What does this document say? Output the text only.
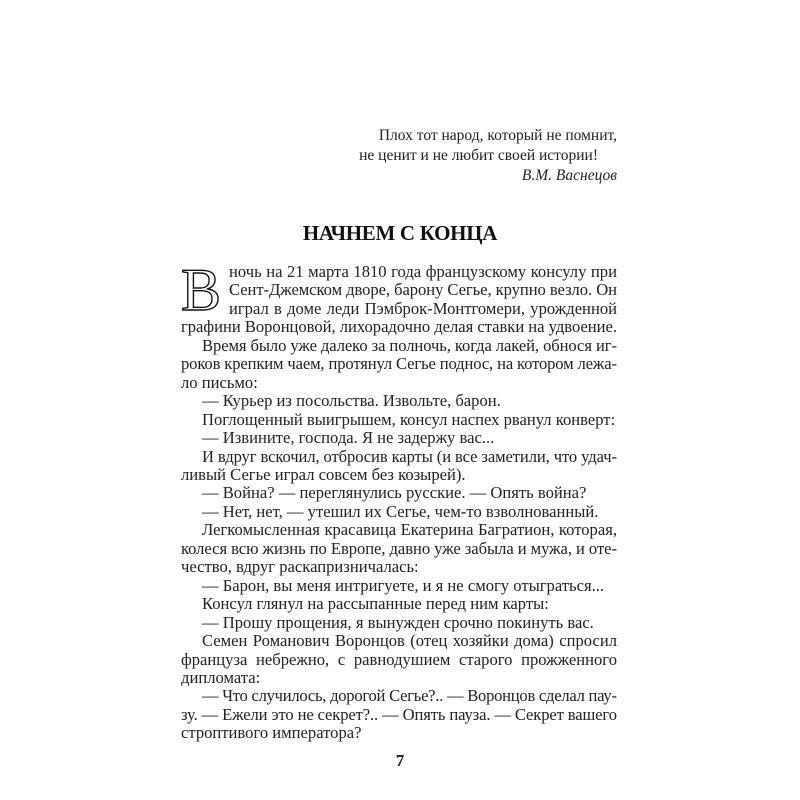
Плох тот народ, который не помнит,
не ценит и не любит своей истории!
В.М. Васнецов
НАЧНЕМ С КОНЦА
В ночь на 21 марта 1810 года французскому консулу при
Сент-Джемском дворе, барону Сегье, крупно везло. Он
играл в доме леди Пэмброк-Монтгомери, урожденной
графини Воронцовой, лихорадочно делая ставки на удвоение.
Время было уже далеко за полночь, когда лакей, обнося иг-
роков крепким чаем, протянул Сегье поднос, на котором лежа-
ло письмо:
— Курьер из посольства. Извольте, барон.
Поглощенный выигрышем, консул наспех рванул конверт:
— Извините, господа. Я не задержу вас...
И вдруг вскочил, отбросив карты (и все заметили, что удач-
ливый Сегье играл совсем без козырей).
— Война? — переглянулись русские. — Опять война?
— Нет, нет, — утешил их Сегье, чем-то взволнованный.
Легкомысленная красавица Екатерина Багратион, которая,
колеся всю жизнь по Европе, давно уже забыла и мужа, и оте-
чество, вдруг раскапризничалась:
— Барон, вы меня интригуете, и я не смогу отыграться...
Консул глянул на рассыпанные перед ним карты:
— Прошу прощения, я вынужден срочно покинуть вас.
Семен Романович Воронцов (отец хозяйки дома) спросил
француза небрежно, с равнодушием старого прожженного
дипломата:
— Что случилось, дорогой Сегье?.. — Воронцов сделал пау-
зу. — Ежели это не секрет?.. — Опять пауза. — Секрет вашего
строптивого императора?
7
